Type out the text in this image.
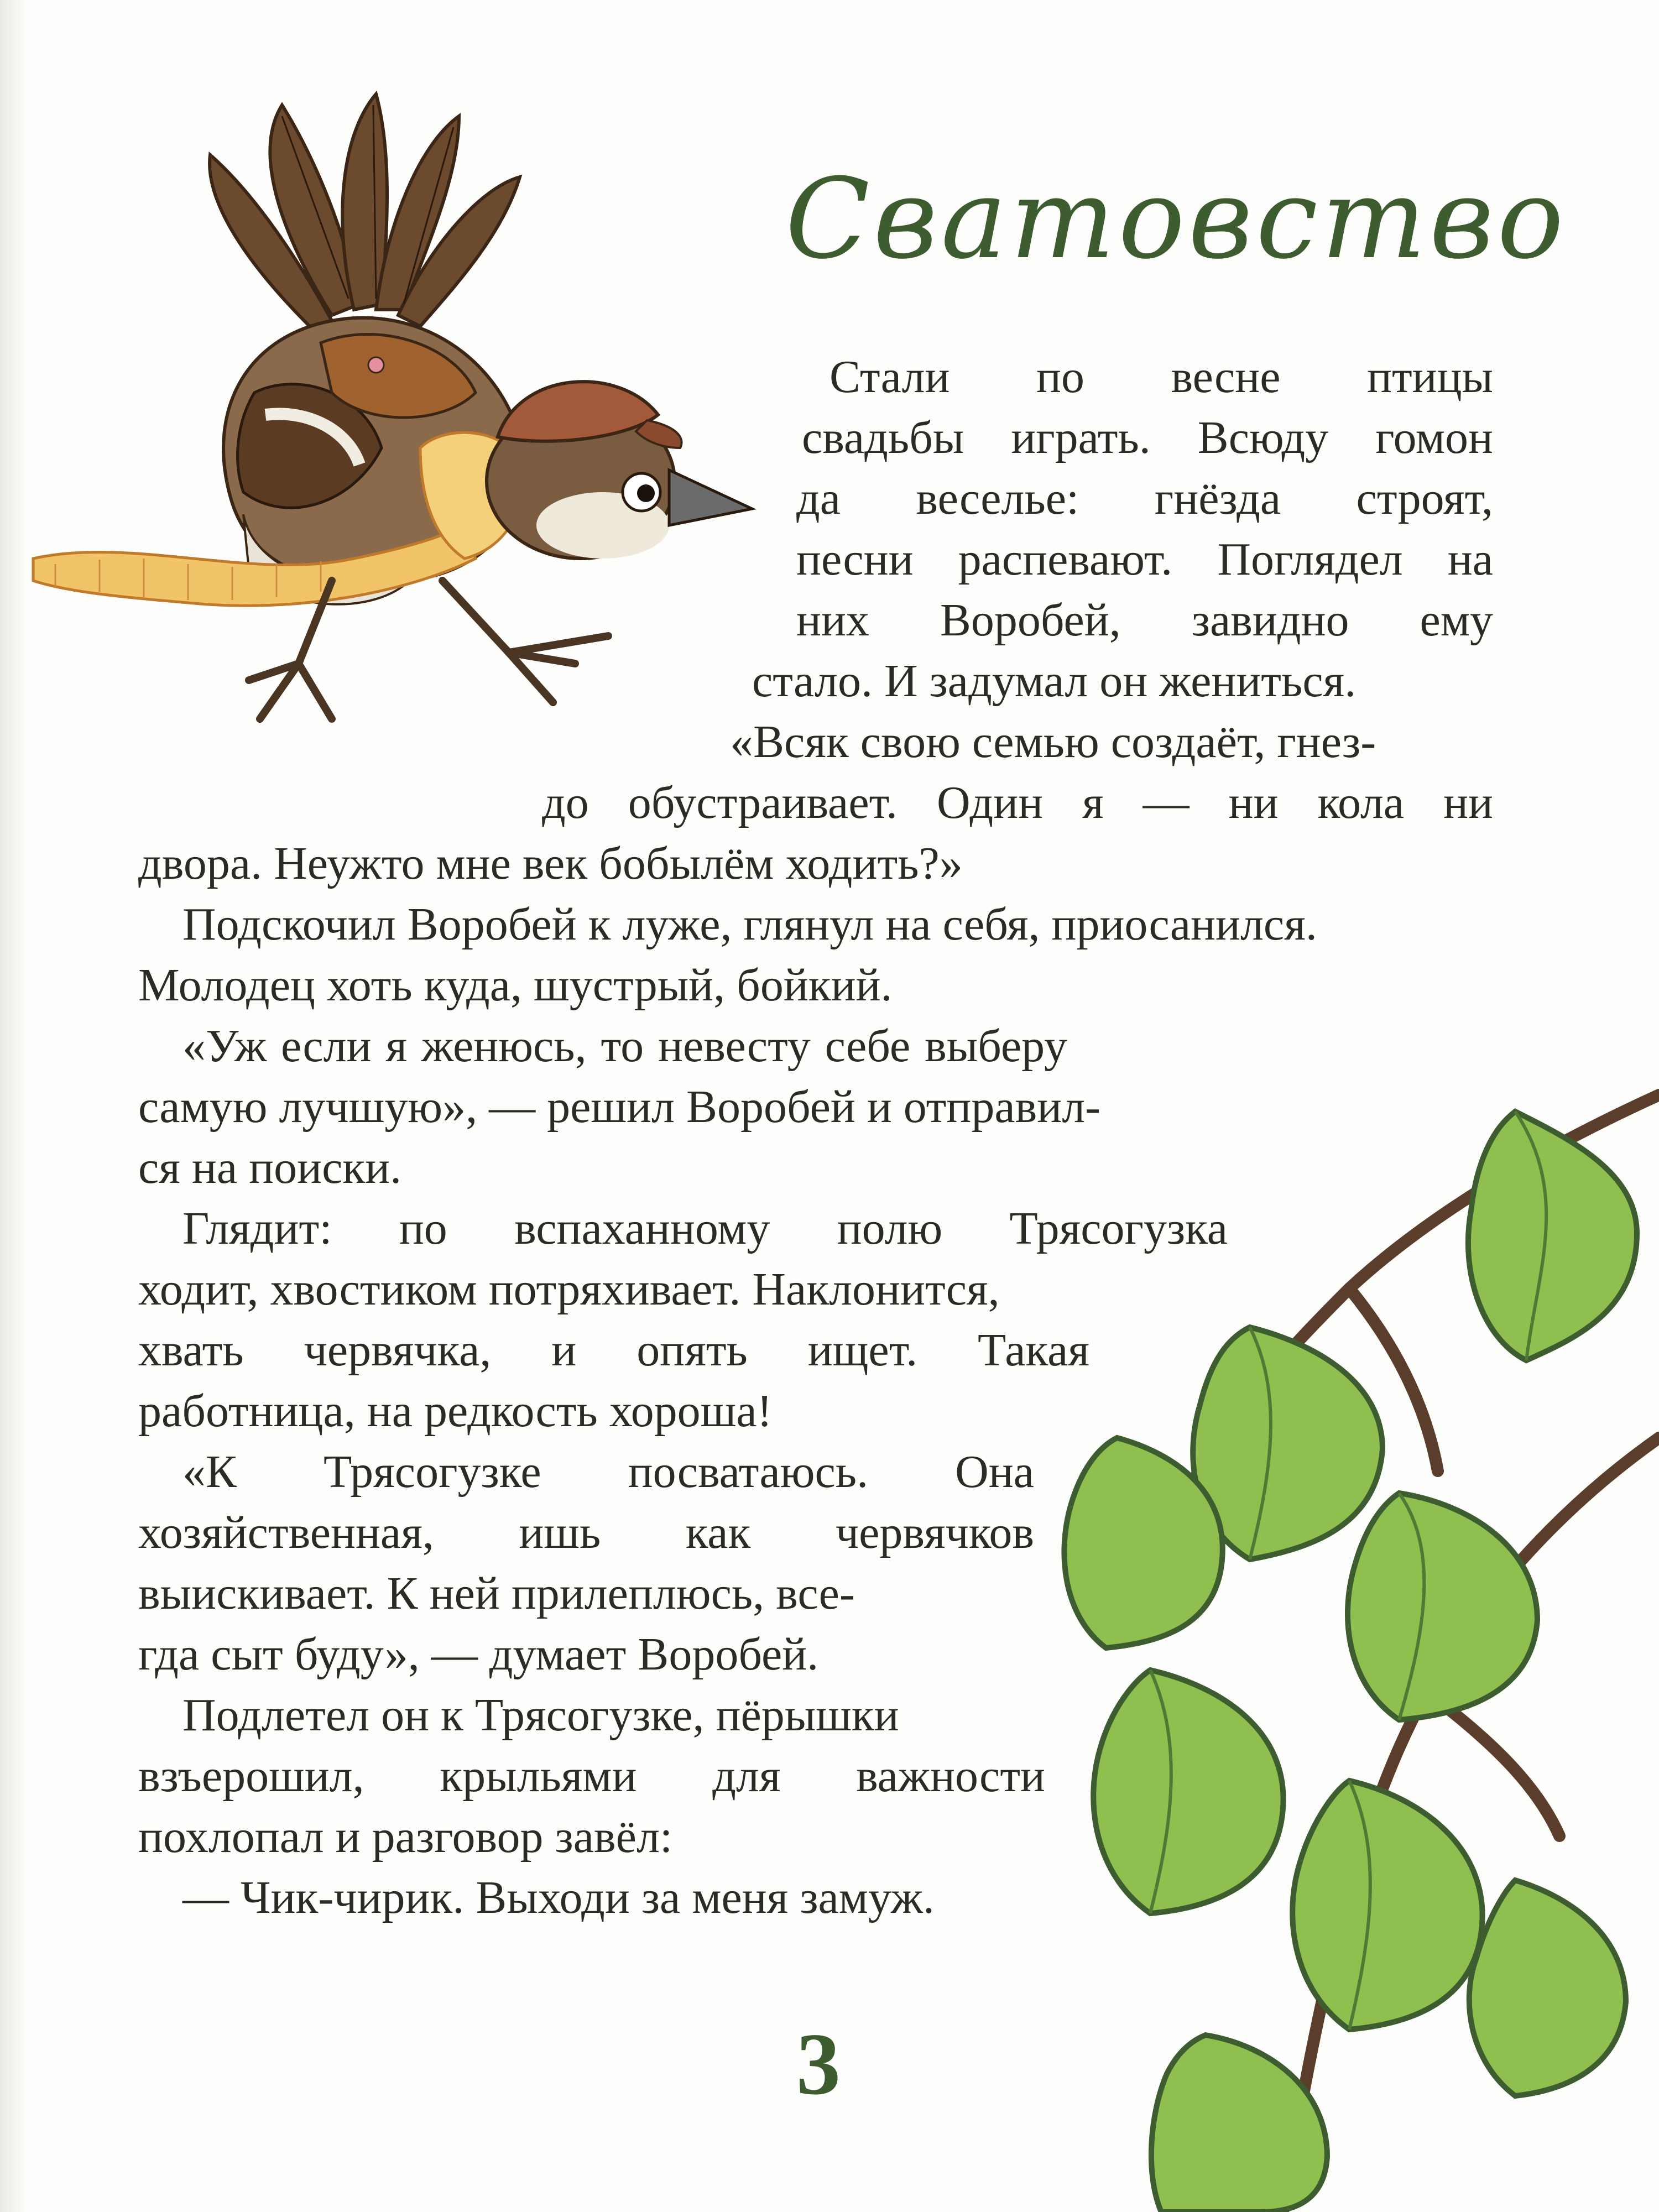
Сватовство
Стали по весне птицы
свадьбы играть. Всюду гомон
да веселье: гнёзда строят,
песни распевают. Поглядел на
них Воробей, завидно ему
стало. И задумал он жениться.
«Всяк свою семью создаёт, гнез-
до обустраивает. Один я — ни кола ни
двора. Неужто мне век бобылём ходить?»
Подскочил Воробей к луже, глянул на себя, приосанился.
Молодец хоть куда, шустрый, бойкий.
«Уж если я женюсь, то невесту себе выберу
самую лучшую», — решил Воробей и отправил-
ся на поиски.
Глядит: по вспаханному полю Трясогузка
ходит, хвостиком потряхивает. Наклонится,
хвать червячка, и опять ищет. Такая
работница, на редкость хороша!
«К Трясогузке посватаюсь. Она
хозяйственная, ишь как червячков
выискивает. К ней прилеплюсь, все-
гда сыт буду», — думает Воробей.
Подлетел он к Трясогузке, пёрышки
взъерошил, крыльями для важности
похлопал и разговор завёл:
— Чик-чирик. Выходи за меня замуж.
3
